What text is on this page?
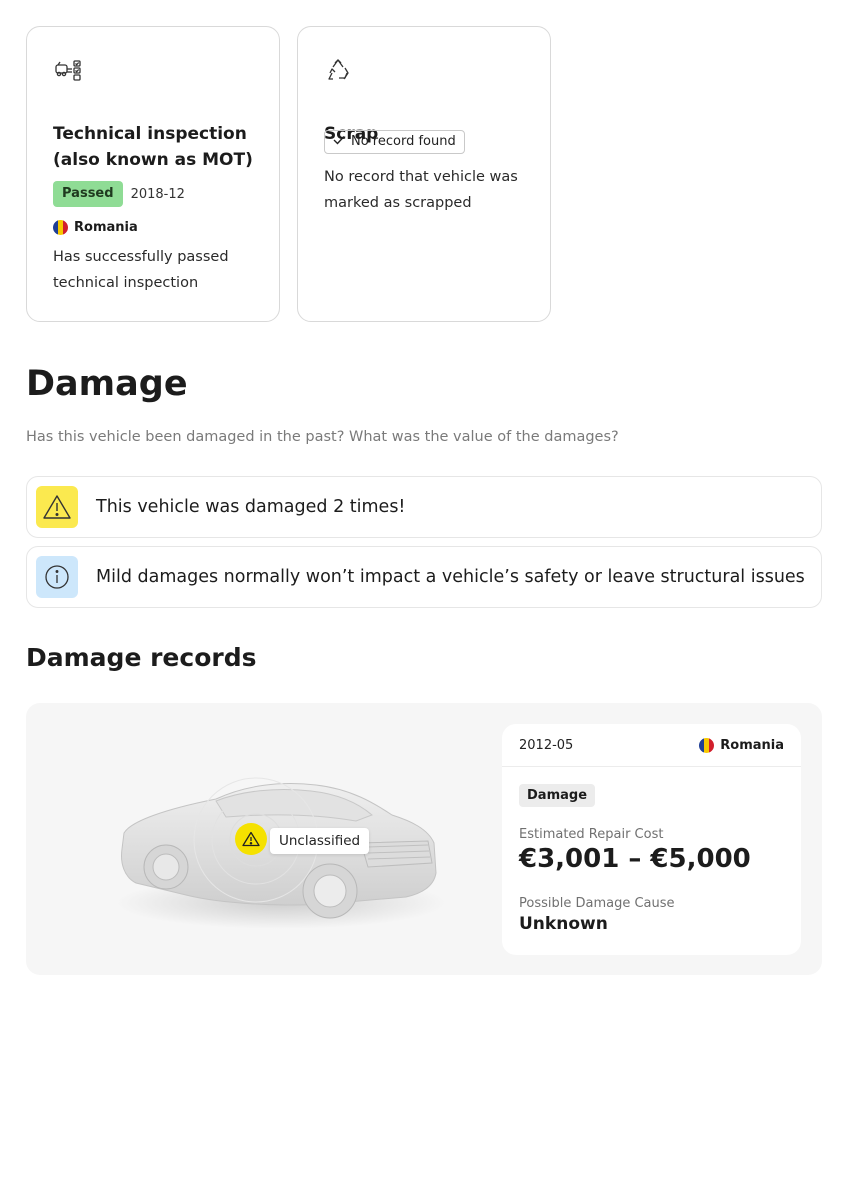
Technical inspection (also known as MOT)
Passed	2018-12
Romania
Has successfully passed technical inspection
Scrap
No record found
No record that vehicle was marked as scrapped
Damage

Has this vehicle been damaged in the past? What was the value of the damages?

This vehicle was damaged 2 times!
Mild damages normally won’t impact a vehicle’s safety or leave structural issues
Damage records
Unclassified
2012-05	Romania
Damage
Estimated Repair Cost
€3,001 – €5,000
Possible Damage Cause
Unknown
